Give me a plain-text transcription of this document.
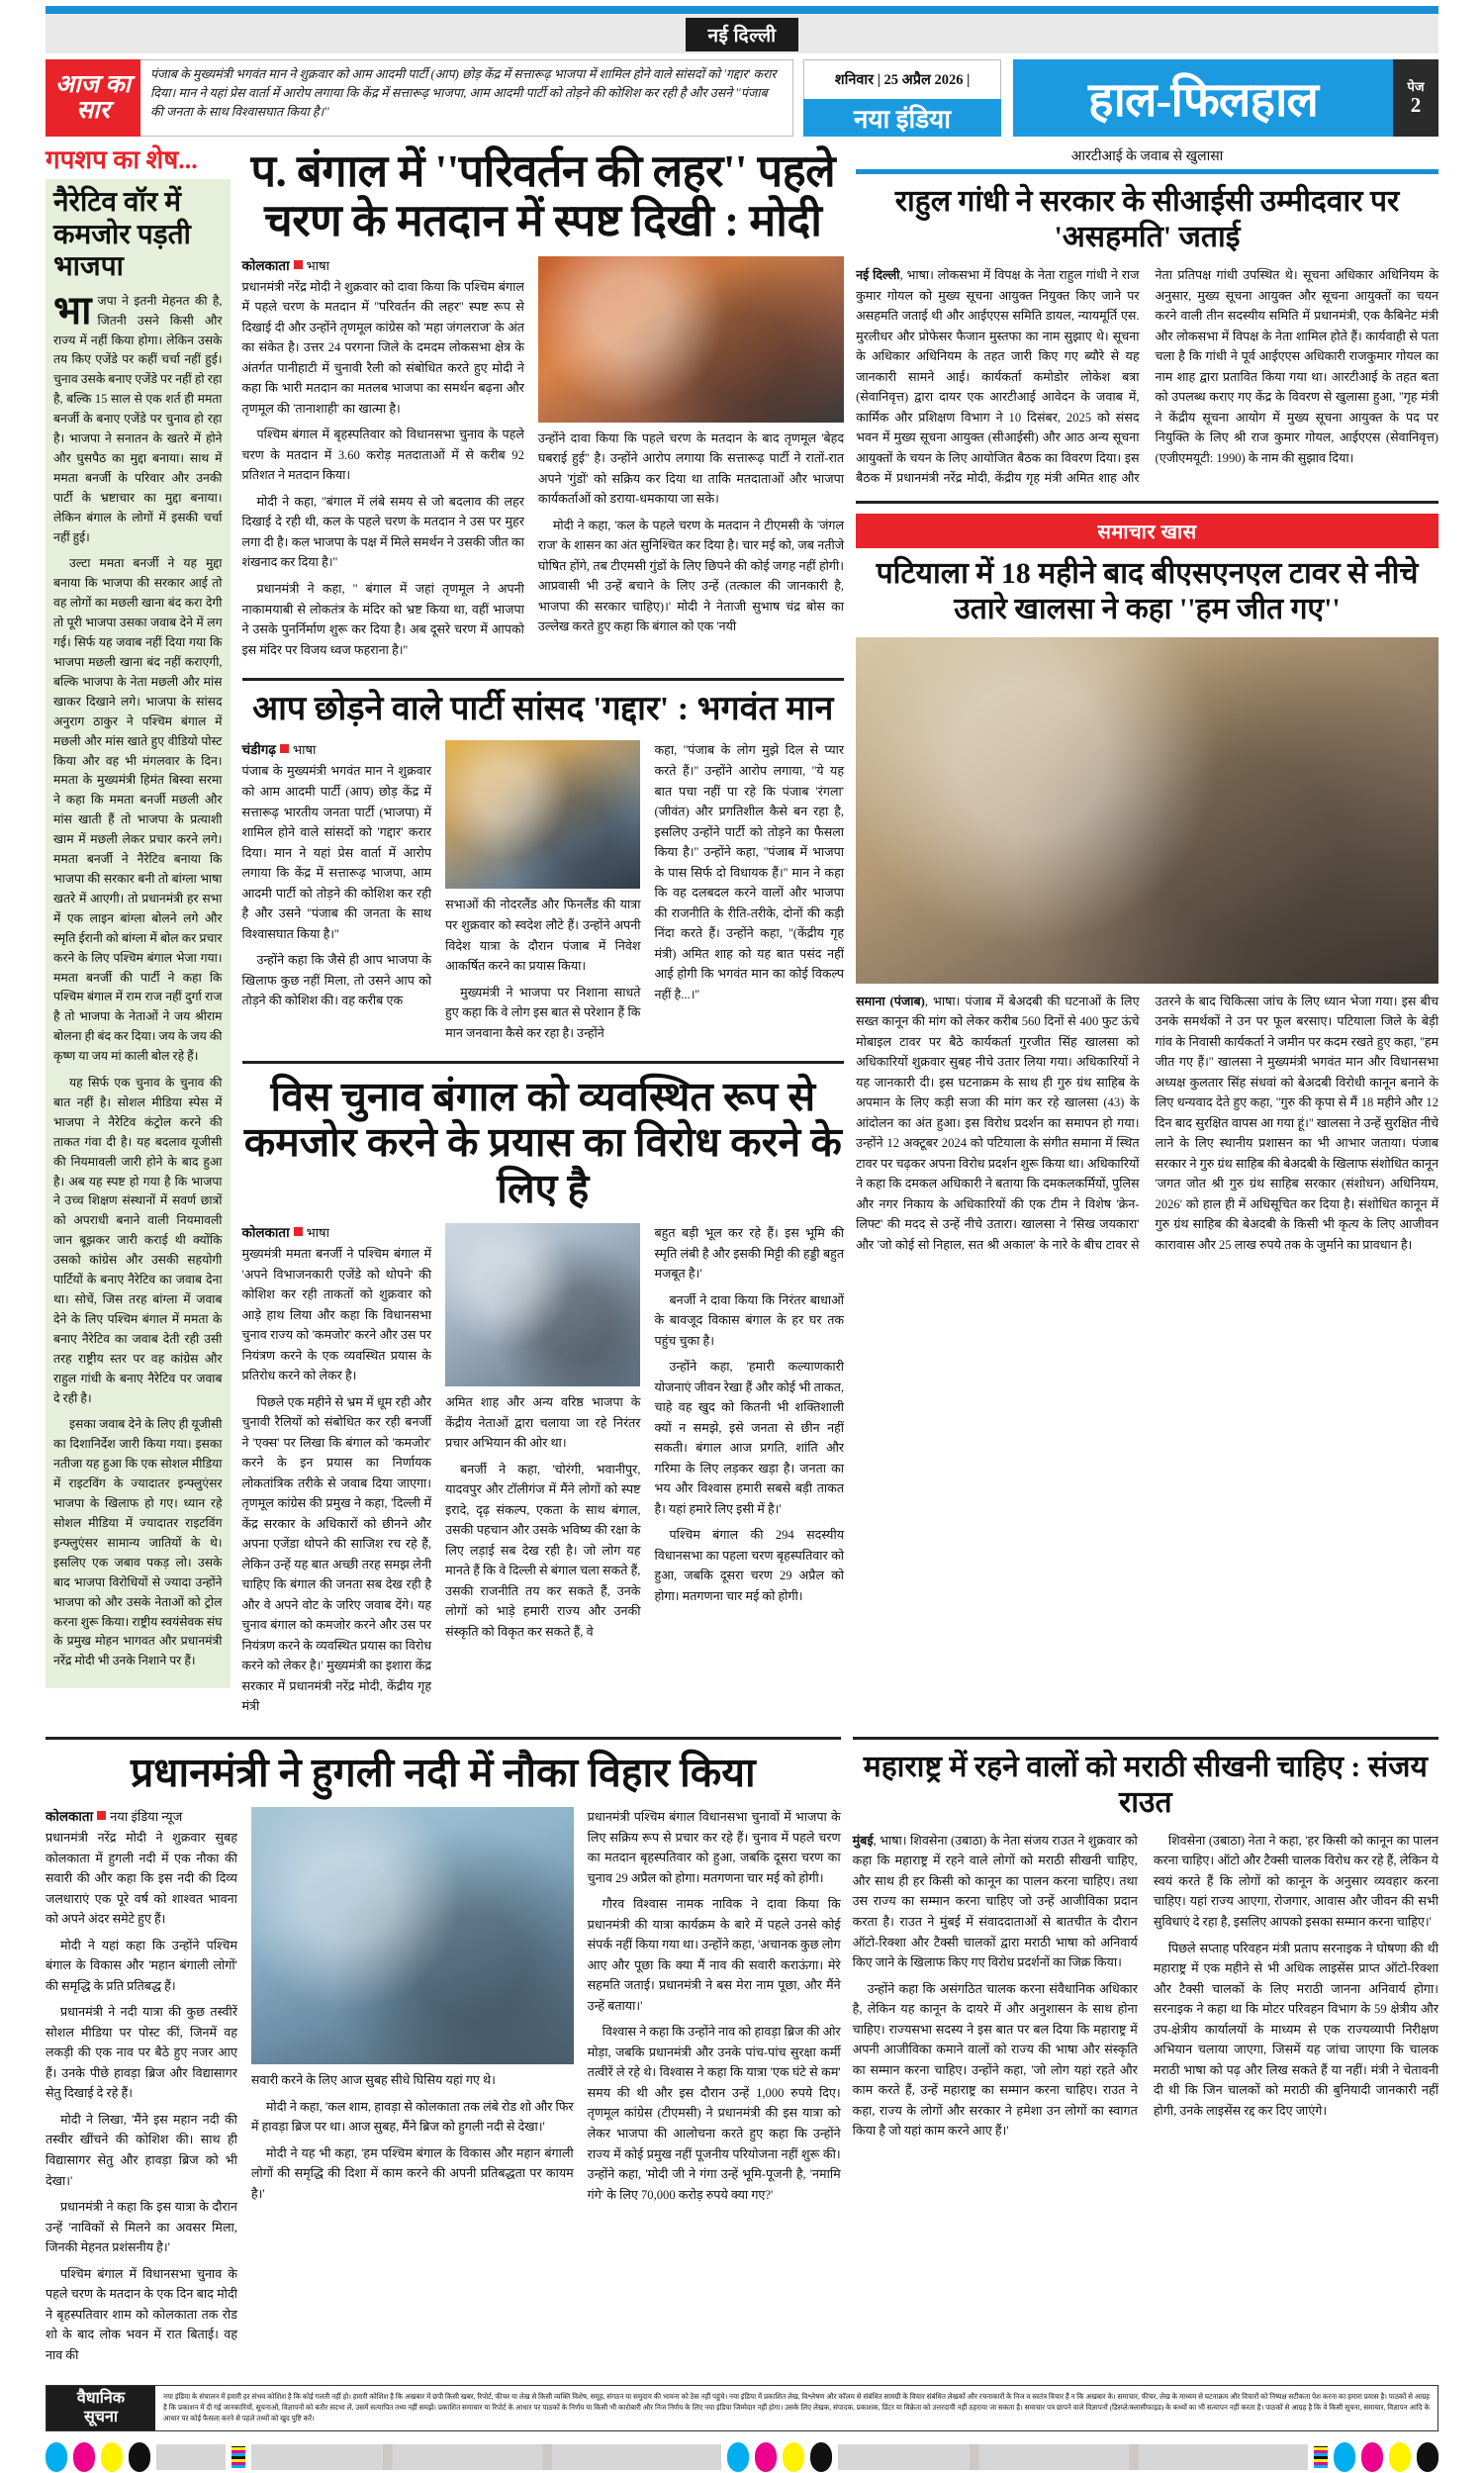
नई दिल्ली
आज का
सार
पंजाब के मुख्यमंत्री भगवंत मान ने शुक्रवार को आम आदमी पार्टी (आप) छोड़ केंद्र में सत्तारूढ़ भाजपा में शामिल होने वाले सांसदों को 'गद्दार' करार दिया। मान ने यहां प्रेस वार्ता में आरोप लगाया कि केंद्र में सत्तारूढ़ भाजपा, आम आदमी पार्टी को तोड़ने की कोशिश कर रही है और उसने ''पंजाब की जनता के साथ विश्वासघात किया है।''
शनिवार | 25 अप्रैल 2026 |
नया इंडिया	हाल-फिलहाल	पेज
2
गपशप का शेष...
नैरेटिव वॉर में कमजोर पड़ती भाजपा

भाजपा ने इतनी मेहनत की है, जितनी उसने किसी और राज्य में नहीं किया होगा। लेकिन उसके तय किए एजेंडे पर कहीं चर्चा नहीं हुई। चुनाव उसके बनाए एजेंडे पर नहीं हो रहा है, बल्कि 15 साल से एक शर्त ही ममता बनर्जी के बनाए एजेंडे पर चुनाव हो रहा है। भाजपा ने सनातन के खतरे में होने और घुसपैठ का मुद्दा बनाया। साथ में ममता बनर्जी के परिवार और उनकी पार्टी के भ्रष्टाचार का मुद्दा बनाया। लेकिन बंगाल के लोगों में इसकी चर्चा नहीं हुई।

उल्टा ममता बनर्जी ने यह मुद्दा बनाया कि भाजपा की सरकार आई तो वह लोगों का मछली खाना बंद करा देगी तो पूरी भाजपा उसका जवाब देने में लग गई। सिर्फ यह जवाब नहीं दिया गया कि भाजपा मछली खाना बंद नहीं कराएगी, बल्कि भाजपा के नेता मछली और मांस खाकर दिखाने लगे। भाजपा के सांसद अनुराग ठाकुर ने पश्चिम बंगाल में मछली और मांस खाते हुए वीडियो पोस्ट किया और वह भी मंगलवार के दिन। ममता के मुख्यमंत्री हिमंत बिस्वा सरमा ने कहा कि ममता बनर्जी मछली और मांस खाती हैं तो भाजपा के प्रत्याशी खाम में मछली लेकर प्रचार करने लगे। ममता बनर्जी ने नैरेटिव बनाया कि भाजपा की सरकार बनी तो बांग्ला भाषा खतरे में आएगी। तो प्रधानमंत्री हर सभा में एक लाइन बांग्ला बोलने लगे और स्मृति ईरानी को बांग्ला में बोल कर प्रचार करने के लिए पश्चिम बंगाल भेजा गया। ममता बनर्जी की पार्टी ने कहा कि पश्चिम बंगाल में राम राज नहीं दुर्गा राज है तो भाजपा के नेताओं ने जय श्रीराम बोलना ही बंद कर दिया। जय के जय की कृष्ण या जय मां काली बोल रहे हैं।

यह सिर्फ एक चुनाव के चुनाव की बात नहीं है। सोशल मीडिया स्पेस में भाजपा ने नैरेटिव कंट्रोल करने की ताकत गंवा दी है। यह बदलाव यूजीसी की नियमावली जारी होने के बाद हुआ है। अब यह स्पष्ट हो गया है कि भाजपा ने उच्च शिक्षण संस्थानों में सवर्ण छात्रों को अपराधी बनाने वाली नियमावली जान बूझकर जारी कराई थी क्योंकि उसको कांग्रेस और उसकी सहयोगी पार्टियों के बनाए नैरेटिव का जवाब देना था। सोचें, जिस तरह बांग्ला में जवाब देने के लिए पश्चिम बंगाल में ममता के बनाए नैरेटिव का जवाब देती रही उसी तरह राष्ट्रीय स्तर पर वह कांग्रेस और राहुल गांधी के बनाए नैरेटिव पर जवाब दे रही है।

इसका जवाब देने के लिए ही यूजीसी का दिशानिर्देश जारी किया गया। इसका नतीजा यह हुआ कि एक सोशल मीडिया में राइटविंग के ज्यादातर इन्फ्लुएंसर भाजपा के खिलाफ हो गए। ध्यान रहे सोशल मीडिया में ज्यादातर राइटविंग इन्फ्लुएंसर सामान्य जातियों के थे। इसलिए एक जबाव पकड़ लो। उसके बाद भाजपा विरोधियों से ज्यादा उन्होंने भाजपा को और उसके नेताओं को ट्रोल करना शुरू किया। राष्ट्रीय स्वयंसेवक संघ के प्रमुख मोहन भागवत और प्रधानमंत्री नरेंद्र मोदी भी उनके निशाने पर हैं।

प. बंगाल में ''परिवर्तन की लहर'' पहले चरण के मतदान में स्पष्ट दिखी : मोदी
कोलकाता भाषा

प्रधानमंत्री नरेंद्र मोदी ने शुक्रवार को दावा किया कि पश्चिम बंगाल में पहले चरण के मतदान में ''परिवर्तन की लहर'' स्पष्ट रूप से दिखाई दी और उन्होंने तृणमूल कांग्रेस को 'महा जंगलराज' के अंत का संकेत है। उत्तर 24 परगना जिले के दमदम लोकसभा क्षेत्र के अंतर्गत पानीहाटी में चुनावी रैली को संबोधित करते हुए मोदी ने कहा कि भारी मतदान का मतलब भाजपा का समर्थन बढ़ना और तृणमूल की 'तानाशाही' का खात्मा है।

पश्चिम बंगाल में बृहस्पतिवार को विधानसभा चुनाव के पहले चरण के मतदान में 3.60 करोड़ मतदाताओं में से करीब 92 प्रतिशत ने मतदान किया।

मोदी ने कहा, ''बंगाल में लंबे समय से जो बदलाव की लहर दिखाई दे रही थी, कल के पहले चरण के मतदान ने उस पर मुहर लगा दी है। कल भाजपा के पक्ष में मिले समर्थन ने उसकी जीत का शंखनाद कर दिया है।''

प्रधानमंत्री ने कहा, '' बंगाल में जहां तृणमूल ने अपनी नाकामयाबी से लोकतंत्र के मंदिर को भ्रष्ट किया था, वहीं भाजपा ने उसके पुनर्निर्माण शुरू कर दिया है। अब दूसरे चरण में आपको इस मंदिर पर विजय ध्वज फहराना है।''

उन्होंने दावा किया कि पहले चरण के मतदान के बाद तृणमूल 'बेहद घबराई हुई'' है। उन्होंने आरोप लगाया कि सत्तारूढ़ पार्टी ने रातों-रात अपने 'गुंडों' को सक्रिय कर दिया था ताकि मतदाताओं और भाजपा कार्यकर्ताओं को डराया-धमकाया जा सके।

मोदी ने कहा, 'कल के पहले चरण के मतदान ने टीएमसी के 'जंगल राज' के शासन का अंत सुनिश्चित कर दिया है। चार मई को, जब नतीजे घोषित होंगे, तब टीएमसी गुंडों के लिए छिपने की कोई जगह नहीं होगी। आप्रवासी भी उन्हें बचाने के लिए उन्हें (तत्काल की जानकारी है, भाजपा की सरकार चाहिए)।' मोदी ने नेताजी सुभाष चंद्र बोस का उल्लेख करते हुए कहा कि बंगाल को एक 'नयी

आप छोड़ने वाले पार्टी सांसद 'गद्दार' : भगवंत मान
चंडीगढ़ भाषा

पंजाब के मुख्यमंत्री भगवंत मान ने शुक्रवार को आम आदमी पार्टी (आप) छोड़ केंद्र में सत्तारूढ़ भारतीय जनता पार्टी (भाजपा) में शामिल होने वाले सांसदों को 'गद्दार' करार दिया। मान ने यहां प्रेस वार्ता में आरोप लगाया कि केंद्र में सत्तारूढ़ भाजपा, आम आदमी पार्टी को तोड़ने की कोशिश कर रही है और उसने ''पंजाब की जनता के साथ विश्वासघात किया है।''

उन्होंने कहा कि जैसे ही आप भाजपा के खिलाफ कुछ नहीं मिला, तो उसने आप को तोड़ने की कोशिश की। वह करीब एक

सभाओं की नोदरलैंड और फिनलैंड की यात्रा पर शुक्रवार को स्वदेश लौटे हैं। उन्होंने अपनी विदेश यात्रा के दौरान पंजाब में निवेश आकर्षित करने का प्रयास किया।

मुख्यमंत्री ने भाजपा पर निशाना साधते हुए कहा कि वे लोग इस बात से परेशान हैं कि मान जनवाना कैसे कर रहा है। उन्होंने

कहा, ''पंजाब के लोग मुझे दिल से प्यार करते हैं।'' उन्होंने आरोप लगाया, ''ये यह बात पचा नहीं पा रहे कि पंजाब 'रंगला' (जीवंत) और प्रगतिशील कैसे बन रहा है, इसलिए उन्होंने पार्टी को तोड़ने का फैसला किया है।'' उन्होंने कहा, ''पंजाब में भाजपा के पास सिर्फ दो विधायक हैं।'' मान ने कहा कि वह दलबदल करने वालों और भाजपा की राजनीति के रीति-तरीके, दोनों की कड़ी निंदा करते हैं। उन्होंने कहा, ''(केंद्रीय गृह मंत्री) अमित शाह को यह बात पसंद नहीं आई होगी कि भगवंत मान का कोई विकल्प नहीं है...।''

विस चुनाव बंगाल को व्यवस्थित रूप से कमजोर करने के प्रयास का विरोध करने के लिए है
कोलकाता भाषा

मुख्यमंत्री ममता बनर्जी ने पश्चिम बंगाल में 'अपने विभाजनकारी एजेंडे को थोपने' की कोशिश कर रही ताकतों को शुक्रवार को आड़े हाथ लिया और कहा कि विधानसभा चुनाव राज्य को 'कमजोर' करने और उस पर नियंत्रण करने के एक व्यवस्थित प्रयास के प्रतिरोध करने को लेकर है।

पिछले एक महीने से भ्रम में धूम रही और चुनावी रैलियों को संबोधित कर रही बनर्जी ने 'एक्स' पर लिखा कि बंगाल को 'कमजोर' करने के इन प्रयास का निर्णायक लोकतांत्रिक तरीके से जवाब दिया जाएगा। तृणमूल कांग्रेस की प्रमुख ने कहा, 'दिल्ली में केंद्र सरकार के अधिकारों को छीनने और अपना एजेंडा थोपने की साजिश रच रहे हैं, लेकिन उन्हें यह बात अच्छी तरह समझ लेनी चाहिए कि बंगाल की जनता सब देख रही है और वे अपने वोट के जरिए जवाब देंगे। यह चुनाव बंगाल को कमजोर करने और उस पर नियंत्रण करने के व्यवस्थित प्रयास का विरोध करने को लेकर है।' मुख्यमंत्री का इशारा केंद्र सरकार में प्रधानमंत्री नरेंद्र मोदी, केंद्रीय गृह मंत्री

अमित शाह और अन्य वरिष्ठ भाजपा के केंद्रीय नेताओं द्वारा चलाया जा रहे निरंतर प्रचार अभियान की ओर था।

बनर्जी ने कहा, 'चोरंगी, भवानीपुर, यादवपुर और टॉलीगंज में मैंने लोगों को स्पष्ट इरादे, दृढ़ संकल्प, एकता के साथ बंगाल, उसकी पहचान और उसके भविष्य की रक्षा के लिए लड़ाई सब देख रही है। जो लोग यह मानते हैं कि वे दिल्ली से बंगाल चला सकते हैं, उसकी राजनीति तय कर सकते हैं, उनके लोगों को भाड़े हमारी राज्य और उनकी संस्कृति को विकृत कर सकते हैं, वे

बहुत बड़ी भूल कर रहे हैं। इस भूमि की स्मृति लंबी है और इसकी मिट्टी की हड्डी बहुत मजबूत है।'

बनर्जी ने दावा किया कि निरंतर बाधाओं के बावजूद विकास बंगाल के हर घर तक पहुंच चुका है।

उन्होंने कहा, 'हमारी कल्याणकारी योजनाएं जीवन रेखा हैं और कोई भी ताकत, चाहे वह खुद को कितनी भी शक्तिशाली क्यों न समझे, इसे जनता से छीन नहीं सकती। बंगाल आज प्रगति, शांति और गरिमा के लिए लड़कर खड़ा है। जनता का भय और विश्वास हमारी सबसे बड़ी ताकत है। यहां हमारे लिए इसी में है।'

पश्चिम बंगाल की 294 सदस्यीय विधानसभा का पहला चरण बृहस्पतिवार को हुआ, जबकि दूसरा चरण 29 अप्रैल को होगा। मतगणना चार मई को होगी।

आरटीआई के जवाब से खुलासा
राहुल गांधी ने सरकार के सीआईसी उम्मीदवार पर 'असहमति' जताई

नई दिल्ली, भाषा। लोकसभा में विपक्ष के नेता राहुल गांधी ने राज कुमार गोयल को मुख्य सूचना आयुक्त नियुक्त किए जाने पर असहमति जताई थी और आईएएस समिति डायल, न्यायमूर्ति एस. मुरलीधर और प्रोफेसर फैजान मुस्तफा का नाम सुझाए थे। सूचना के अधिकार अधिनियम के तहत जारी किए गए ब्यौरे से यह जानकारी सामने आई। कार्यकर्ता कमोडोर लोकेश बत्रा (सेवानिवृत्त) द्वारा दायर एक आरटीआई आवेदन के जवाब में, कार्मिक और प्रशिक्षण विभाग ने 10 दिसंबर, 2025 को संसद भवन में मुख्य सूचना आयुक्त (सीआईसी) और आठ अन्य सूचना आयुक्तों के चयन के लिए आयोजित बैठक का विवरण दिया। इस बैठक में प्रधानमंत्री नरेंद्र मोदी, केंद्रीय गृह मंत्री अमित शाह और नेता प्रतिपक्ष गांधी उपस्थित थे। सूचना अधिकार अधिनियम के अनुसार, मुख्य सूचना आयुक्त और सूचना आयुक्तों का चयन करने वाली तीन सदस्यीय समिति में प्रधानमंत्री, एक कैबिनेट मंत्री और लोकसभा में विपक्ष के नेता शामिल होते हैं। कार्यवाही से पता चला है कि गांधी ने पूर्व आईएएस अधिकारी राजकुमार गोयल का नाम शाह द्वारा प्रतावित किया गया था। आरटीआई के तहत बता को उपलब्ध कराए गए केंद्र के विवरण से खुलासा हुआ, ''गृह मंत्री ने केंद्रीय सूचना आयोग में मुख्य सूचना आयुक्त के पद पर नियुक्ति के लिए श्री राज कुमार गोयल, आईएएस (सेवानिवृत्त) (एजीएमयूटी: 1990) के नाम की सुझाव दिया।

समाचार खास
पटियाला में 18 महीने बाद बीएसएनएल टावर से नीचे उतारे खालसा ने कहा ''हम जीत गए''

समाना (पंजाब), भाषा। पंजाब में बेअदबी की घटनाओं के लिए सख्त कानून की मांग को लेकर करीब 560 दिनों से 400 फुट ऊंचे मोबाइल टावर पर बैठे कार्यकर्ता गुरजीत सिंह खालसा को अधिकारियों शुक्रवार सुबह नीचे उतार लिया गया। अधिकारियों ने यह जानकारी दी। इस घटनाक्रम के साथ ही गुरु ग्रंथ साहिब के अपमान के लिए कड़ी सजा की मांग कर रहे खालसा (43) के आंदोलन का अंत हुआ। इस विरोध प्रदर्शन का समापन हो गया। उन्होंने 12 अक्टूबर 2024 को पटियाला के संगीत समाना में स्थित टावर पर चढ़कर अपना विरोध प्रदर्शन शुरू किया था। अधिकारियों ने कहा कि दमकल अधिकारी ने बताया कि दमकलकर्मियों, पुलिस और नगर निकाय के अधिकारियों की एक टीम ने विशेष 'क्रेन-लिफ्ट' की मदद से उन्हें नीचे उतारा। खालसा ने 'सिख जयकारा' और 'जो कोई सो निहाल, सत श्री अकाल' के नारे के बीच टावर से उतरने के बाद चिकित्सा जांच के लिए ध्यान भेजा गया। इस बीच उनके समर्थकों ने उन पर फूल बरसाए। पटियाला जिले के बेड़ी गांव के निवासी कार्यकर्ता ने जमीन पर कदम रखते हुए कहा, ''हम जीत गए हैं।'' खालसा ने मुख्यमंत्री भगवंत मान और विधानसभा अध्यक्ष कुलतार सिंह संधवां को बेअदबी विरोधी कानून बनाने के लिए धन्यवाद देते हुए कहा, ''गुरु की कृपा से मैं 18 महीने और 12 दिन बाद सुरक्षित वापस आ गया हूं।'' खालसा ने उन्हें सुरक्षित नीचे लाने के लिए स्थानीय प्रशासन का भी आभार जताया। पंजाब सरकार ने गुरु ग्रंथ साहिब की बेअदबी के खिलाफ संशोधित कानून 'जगत जोत श्री गुरु ग्रंथ साहिब सरकार (संशोधन) अधिनियम, 2026' को हाल ही में अधिसूचित कर दिया है। संशोधित कानून में गुरु ग्रंथ साहिब की बेअदबी के किसी भी कृत्य के लिए आजीवन कारावास और 25 लाख रुपये तक के जुर्माने का प्रावधान है।

प्रधानमंत्री ने हुगली नदी में नौका विहार किया
कोलकाता नया इंडिया न्यूज

प्रधानमंत्री नरेंद्र मोदी ने शुक्रवार सुबह कोलकाता में हुगली नदी में एक नौका की सवारी की और कहा कि इस नदी की दिव्य जलधाराएं एक पूरे वर्ष को शाश्वत भावना को अपने अंदर समेटे हुए हैं।

मोदी ने यहां कहा कि उन्होंने पश्चिम बंगाल के विकास और 'महान बंगाली लोगों' की समृद्धि के प्रति प्रतिबद्ध हैं।

प्रधानमंत्री ने नदी यात्रा की कुछ तस्वीरें सोशल मीडिया पर पोस्ट कीं, जिनमें वह लकड़ी की एक नाव पर बैठे हुए नजर आए हैं। उनके पीछे हावड़ा ब्रिज और विद्यासागर सेतु दिखाई दे रहे हैं।

मोदी ने लिखा, 'मैंने इस महान नदी की तस्वीर खींचने की कोशिश की। साथ ही विद्यासागर सेतु और हावड़ा ब्रिज को भी देखा।'

प्रधानमंत्री ने कहा कि इस यात्रा के दौरान उन्हें 'नाविकों से मिलने का अवसर मिला, जिनकी मेहनत प्रशंसनीय है।'

पश्चिम बंगाल में विधानसभा चुनाव के पहले चरण के मतदान के एक दिन बाद मोदी ने बृहस्पतिवार शाम को कोलकाता तक रोड शो के बाद लोक भवन में रात बिताई। वह नाव की

सवारी करने के लिए आज सुबह सीधे घिसिय यहां गए थे।

मोदी ने कहा, 'कल शाम, हावड़ा से कोलकाता तक लंबे रोड शो और फिर में हावड़ा ब्रिज पर था। आज सुबह, मैंने ब्रिज को हुगली नदी से देखा।'

मोदी ने यह भी कहा, 'हम पश्चिम बंगाल के विकास और महान बंगाली लोगों की समृद्धि की दिशा में काम करने की अपनी प्रतिबद्धता पर कायम है।'

प्रधानमंत्री पश्चिम बंगाल विधानसभा चुनावों में भाजपा के लिए सक्रिय रूप से प्रचार कर रहे हैं। चुनाव में पहले चरण का मतदान बृहस्पतिवार को हुआ, जबकि दूसरा चरण का चुनाव 29 अप्रैल को होगा। मतगणना चार मई को होगी।

गौरव विश्वास नामक नाविक ने दावा किया कि प्रधानमंत्री की यात्रा कार्यक्रम के बारे में पहले उनसे कोई संपर्क नहीं किया गया था। उन्होंने कहा, 'अचानक कुछ लोग आए और पूछा कि क्या मैं नाव की सवारी कराऊंगा। मेरे सहमति जताई। प्रधानमंत्री ने बस मेरा नाम पूछा, और मैंने उन्हें बताया।'

विश्वास ने कहा कि उन्होंने नाव को हावड़ा ब्रिज की ओर मोड़ा, जबकि प्रधानमंत्री और उनके पांच-पांच सुरक्षा कर्मी तत्वीरें ले रहे थे। विश्वास ने कहा कि यात्रा 'एक घंटे से कम' समय की थी और इस दौरान उन्हें 1,000 रुपये दिए। तृणमूल कांग्रेस (टीएमसी) ने प्रधानमंत्री की इस यात्रा को लेकर भाजपा की आलोचना करते हुए कहा कि उन्होंने राज्य में कोई प्रमुख नहीं पूजनीय परियोजना नहीं शुरू की। उन्होंने कहा, 'मोदी जी ने गंगा उन्हें भूमि-पूजनी है, 'नमामि गंगे' के लिए 70,000 करोड़ रुपये क्या गए?'

महाराष्ट्र में रहने वालों को मराठी सीखनी चाहिए : संजय राउत

मुंबई, भाषा। शिवसेना (उबाठा) के नेता संजय राउत ने शुक्रवार को कहा कि महाराष्ट्र में रहने वाले लोगों को मराठी सीखनी चाहिए, और साथ ही हर किसी को कानून का पालन करना चाहिए। तथा उस राज्य का सम्मान करना चाहिए जो उन्हें आजीविका प्रदान करता है। राउत ने मुंबई में संवाददाताओं से बातचीत के दौरान ऑटो-रिक्शा और टैक्सी चालकों द्वारा मराठी भाषा को अनिवार्य किए जाने के खिलाफ किए गए विरोध प्रदर्शनों का जिक्र किया।

उन्होंने कहा कि असंगठित चालक करना संवैधानिक अधिकार है, लेकिन यह कानून के दायरे में और अनुशासन के साथ होना चाहिए। राज्यसभा सदस्य ने इस बात पर बल दिया कि महाराष्ट्र में अपनी आजीविका कमाने वालों को राज्य की भाषा और संस्कृति का सम्मान करना चाहिए। उन्होंने कहा, 'जो लोग यहां रहते और काम करते हैं, उन्हें महाराष्ट्र का सम्मान करना चाहिए। राउत ने कहा, राज्य के लोगों और सरकार ने हमेशा उन लोगों का स्वागत किया है जो यहां काम करने आए हैं।'

शिवसेना (उबाठा) नेता ने कहा, 'हर किसी को कानून का पालन करना चाहिए। ऑटो और टैक्सी चालक विरोध कर रहे हैं, लेकिन ये स्वयं करते हैं कि लोगों को कानून के अनुसार व्यवहार करना चाहिए। यहां राज्य आएगा, रोजगार, आवास और जीवन की सभी सुविधाएं दे रहा है, इसलिए आपको इसका सम्मान करना चाहिए।'

पिछले सप्ताह परिवहन मंत्री प्रताप सरनाइक ने घोषणा की थी महाराष्ट्र में एक महीने से भी अधिक लाइसेंस प्राप्त ऑटो-रिक्शा और टैक्सी चालकों के लिए मराठी जानना अनिवार्य होगा। सरनाइक ने कहा था कि मोटर परिवहन विभाग के 59 क्षेत्रीय और उप-क्षेत्रीय कार्यालयों के माध्यम से एक राज्यव्यापी निरीक्षण अभियान चलाया जाएगा, जिसमें यह जांचा जाएगा कि चालक मराठी भाषा को पढ़ और लिख सकते हैं या नहीं। मंत्री ने चेतावनी दी थी कि जिन चालकों को मराठी की बुनियादी जानकारी नहीं होगी, उनके लाइसेंस रद्द कर दिए जाएंगे।

वैधानिक
सूचना
नया इंडिया के संचालन में हमारी हर संभव कोशिश है कि कोई गलती नहीं हो। हमारी कोशिश है कि अखबार में छपी किसी खबर, रिपोर्ट, फीचर या लेख से किसी व्यक्ति विशेष, समूह, संगठन या समुदाय की भावना को ठेस नहीं पहुंचे। नया इंडिया में प्रकाशित लेख, विश्लेषण और कॉलम से संबंधित सामग्री के विचार संबंधित लेखकों और रचनाकारों के निज व स्वतंत्र विचार हैं न कि अखबार के। समाचार, फीचर, लेख के माध्यम से घटनाक्रम और विचारों को निष्पक्ष सटीकता पेश करना का हमारा प्रयास है। पाठकों से आग्रह है कि प्रकाशन में दी गई जानकारियों, सूचनाओं, विज्ञापनों को बतौर सदभा लें, उसमें सत्यापित तथ्य नहीं समझें। प्रकाशित समाचार या रिपोर्ट के आधार पर पाठकों के निर्णय या किसी भी कारोबारी और निज निर्णय के लिए नया इंडिया जिम्मेदार नहीं होगा। उसके लिए लेखक, संपादक, प्रकाशक, प्रिंटर या विक्रेता को उत्तरदायी नहीं ठहराया जा सकता है। समाचार पत्र छापने वाले विज्ञापनों (डिस्प्ले/क्लासीफाइड) के कथ्यों का भी सत्यापन नहीं करता है। पाठकों से आग्रह है कि वे किसी सूचना, समाचार, विज्ञापन आदि के आधार पर कोई फैसला करने से पहले तथ्यों को खुद पुष्टि करें।
